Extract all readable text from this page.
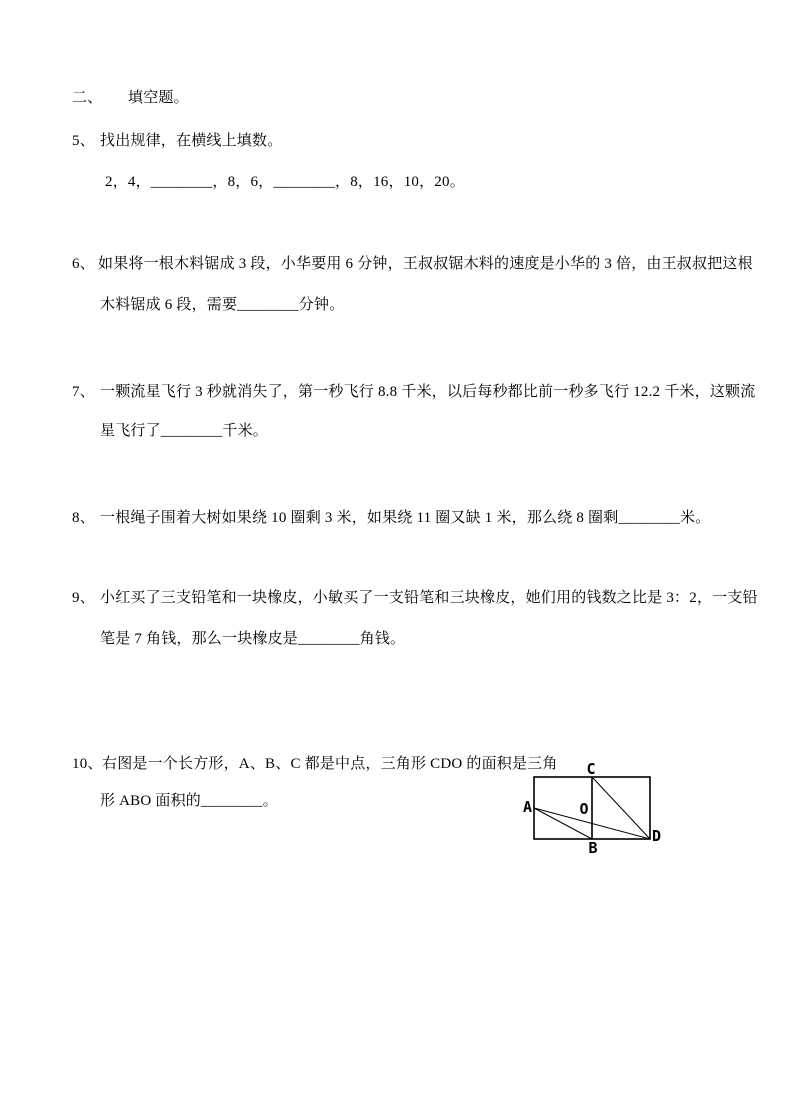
二、 填空题。
5、 找出规律，在横线上填数。
2，4，________，8，6，________，8，16，10，20。
6、 如果将一根木料锯成 3 段，小华要用 6 分钟，王叔叔锯木料的速度是小华的 3 倍，由王叔叔把这根
木料锯成 6 段，需要________分钟。
7、 一颗流星飞行 3 秒就消失了，第一秒飞行 8.8 千米，以后每秒都比前一秒多飞行 12.2 千米，这颗流
星飞行了________千米。
8、 一根绳子围着大树如果绕 10 圈剩 3 米，如果绕 11 圈又缺 1 米，那么绕 8 圈剩________米。
9、 小红买了三支铅笔和一块橡皮，小敏买了一支铅笔和三块橡皮，她们用的钱数之比是 3：2，一支铅
笔是 7 角钱，那么一块橡皮是________角钱。
10、 右图是一个长方形，A、B、C 都是中点，三角形 CDO 的面积是三角
形 ABO 面积的________。
C
A	O
B
D
